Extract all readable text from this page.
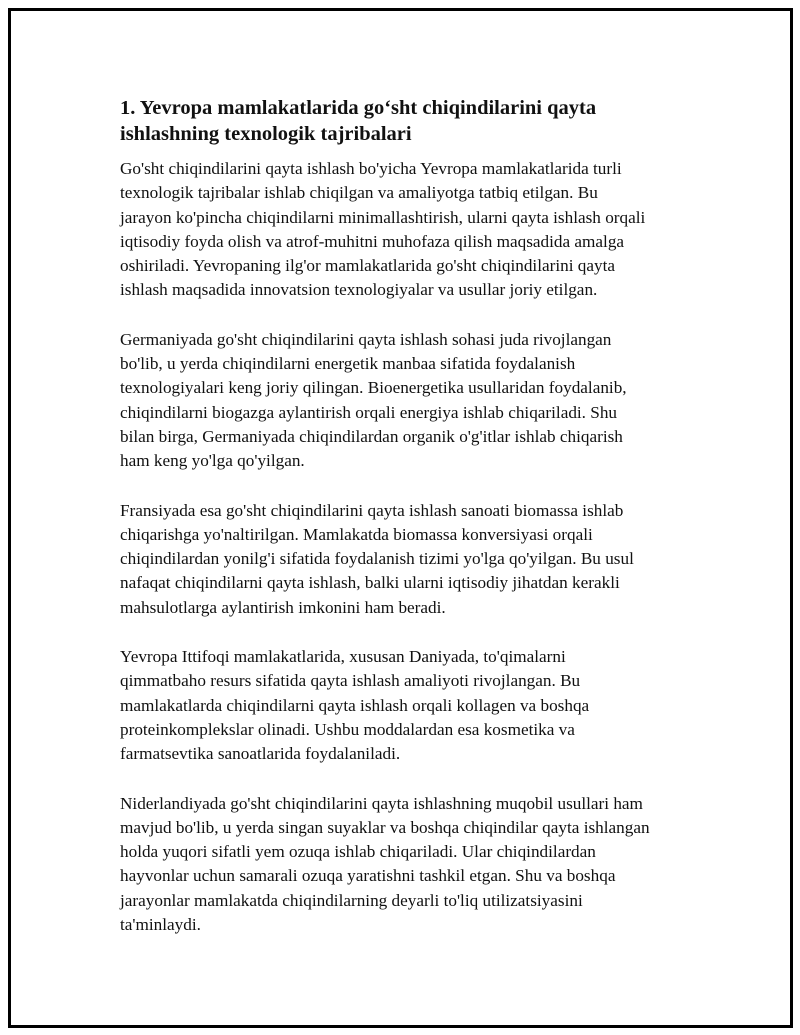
1. Yevropa mamlakatlarida go‘sht chiqindilarini qayta
ishlashning texnologik tajribalari

Go'sht chiqindilarini qayta ishlash bo'yicha Yevropa mamlakatlarida turli
texnologik tajribalar ishlab chiqilgan va amaliyotga tatbiq etilgan. Bu
jarayon ko'pincha chiqindilarni minimallashtirish, ularni qayta ishlash orqali
iqtisodiy foyda olish va atrof-muhitni muhofaza qilish maqsadida amalga
oshiriladi. Yevropaning ilg'or mamlakatlarida go'sht chiqindilarini qayta
ishlash maqsadida innovatsion texnologiyalar va usullar joriy etilgan.

Germaniyada go'sht chiqindilarini qayta ishlash sohasi juda rivojlangan
bo'lib, u yerda chiqindilarni energetik manbaa sifatida foydalanish
texnologiyalari keng joriy qilingan. Bioenergetika usullaridan foydalanib,
chiqindilarni biogazga aylantirish orqali energiya ishlab chiqariladi. Shu
bilan birga, Germaniyada chiqindilardan organik o'g'itlar ishlab chiqarish
ham keng yo'lga qo'yilgan.

Fransiyada esa go'sht chiqindilarini qayta ishlash sanoati biomassa ishlab
chiqarishga yo'naltirilgan. Mamlakatda biomassa konversiyasi orqali
chiqindilardan yonilg'i sifatida foydalanish tizimi yo'lga qo'yilgan. Bu usul
nafaqat chiqindilarni qayta ishlash, balki ularni iqtisodiy jihatdan kerakli
mahsulotlarga aylantirish imkonini ham beradi.

Yevropa Ittifoqi mamlakatlarida, xususan Daniyada, to'qimalarni
qimmatbaho resurs sifatida qayta ishlash amaliyoti rivojlangan. Bu
mamlakatlarda chiqindilarni qayta ishlash orqali kollagen va boshqa
proteinkomplekslar olinadi. Ushbu moddalardan esa kosmetika va
farmatsevtika sanoatlarida foydalaniladi.

Niderlandiyada go'sht chiqindilarini qayta ishlashning muqobil usullari ham
mavjud bo'lib, u yerda singan suyaklar va boshqa chiqindilar qayta ishlangan
holda yuqori sifatli yem ozuqa ishlab chiqariladi. Ular chiqindilardan
hayvonlar uchun samarali ozuqa yaratishni tashkil etgan. Shu va boshqa
jarayonlar mamlakatda chiqindilarning deyarli to'liq utilizatsiyasini
ta'minlaydi.
